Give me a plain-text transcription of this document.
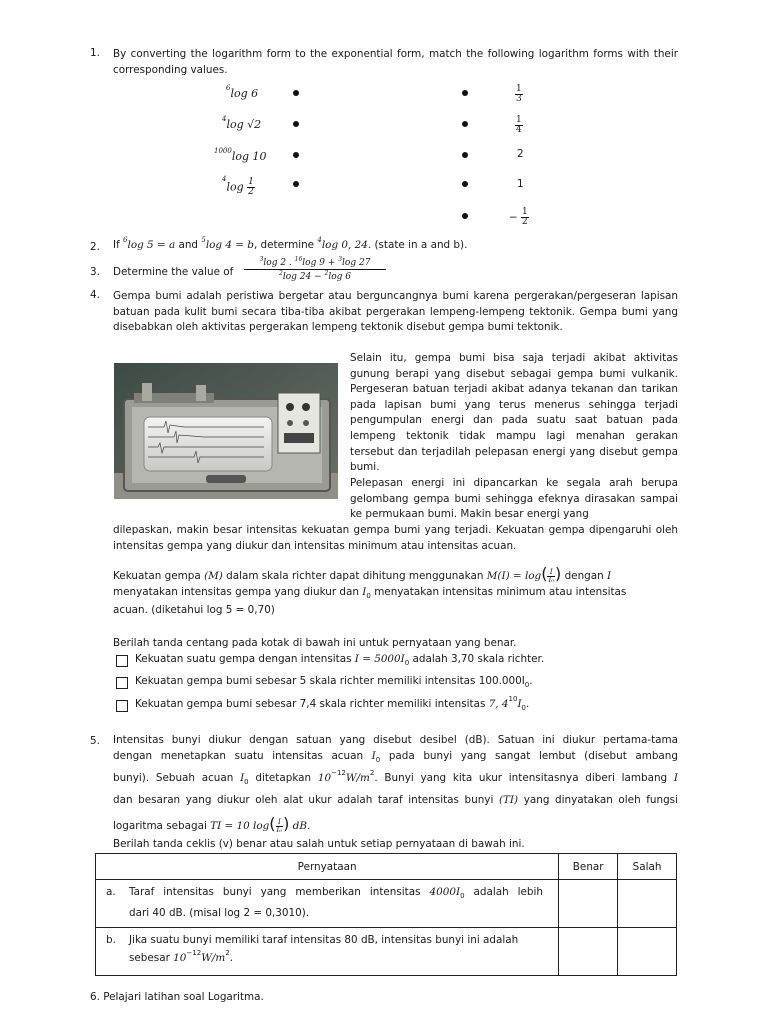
1. By converting the logarithm form to the exponential form, match the following logarithm forms with their corresponding values.
$^6$log 6
$^4$log √2
$^{1000}$log 10
$^4\log \frac{1}{2}$
$\frac{1}{3}$
$\frac{1}{4}$
2
1
− $\frac{1}{2}$
2. If $^6$log 5 = a and $^5$log 4 = b, determine $^4$log 0, 24. (state in a and b).
3. Determine the value of $\frac{^3\log 2 . ^{16}\log 9 + ^3\log 27}{^2\log 24 - ^2\log 6}$
4. Gempa bumi adalah peristiwa bergetar atau berguncangnya bumi karena pergerakan/pergeseran lapisan batuan pada kulit bumi secara tiba-tiba akibat pergerakan lempeng-lempeng tektonik. Gempa bumi yang disebabkan oleh aktivitas pergerakan lempeng tektonik disebut gempa bumi tektonik.
Selain itu, gempa bumi bisa saja terjadi akibat aktivitas gunung berapi yang disebut sebagai gempa bumi vulkanik. Pergeseran batuan terjadi akibat adanya tekanan dan tarikan pada lapisan bumi yang terus menerus sehingga terjadi pengumpulan energi dan pada suatu saat batuan pada lempeng tektonik tidak mampu lagi menahan gerakan tersebut dan terjadilah pelepasan energi yang disebut gempa bumi.
Pelepasan energi ini dipancarkan ke segala arah berupa gelombang gempa bumi sehingga efeknya dirasakan sampai ke permukaan bumi. Makin besar energi yang
dilepaskan, makin besar intensitas kekuatan gempa bumi yang terjadi. Kekuatan gempa dipengaruhi oleh intensitas gempa yang diukur dan intensitas minimum atau intensitas acuan.
Kekuatan gempa (M) dalam skala richter dapat dihitung menggunakan $M(I) = \log( \frac{I}{\text{I₀}}$ ) dengan I
menyatakan intensitas gempa yang diukur dan I0 menyatakan intensitas minimum atau intensitas
acuan. (diketahui log 5 = 0,70)
Berilah tanda centang pada kotak di bawah ini untuk pernyataan yang benar.
Kekuatan suatu gempa dengan intensitas I = 5000I0 adalah 3,70 skala richter.
Kekuatan gempa bumi sebesar 5 skala richter memiliki intensitas 100.000I0.
Kekuatan gempa bumi sebesar 7,4 skala richter memiliki intensitas 7, $4^{10}I0$.
5. Intensitas bunyi diukur dengan satuan yang disebut desibel (dB). Satuan ini diukur pertama-tama
dengan menetapkan suatu intensitas acuan I0 pada bunyi yang sangat lembut (disebut ambang
bunyi). Sebuah acuan I0 ditetapkan $10^{-12}W/m^2$. Bunyi yang kita ukur intensitasnya diberi lambang I
dan besaran yang diukur oleh alat ukur adalah taraf intensitas bunyi (TI) yang dinyatakan oleh fungsi
logaritma sebagai TI = 10 $\log( \frac{I}{\text{I₀}}$ ) dB.
Berilah tanda ceklis (v) benar atau salah untuk setiap pernyataan di bawah ini.
Pernyataan	Benar	Salah

a. Taraf intensitas bunyi yang memberikan intensitas 4000I0 adalah lebih
dari 40 dB. (misal log 2 = 0,3010).		

b. Jika suatu bunyi memiliki taraf intensitas 80 dB, intensitas bunyi ini adalah
sebesar $10^{-12}W/m^2$.		

6. Pelajari latihan soal Logaritma.
